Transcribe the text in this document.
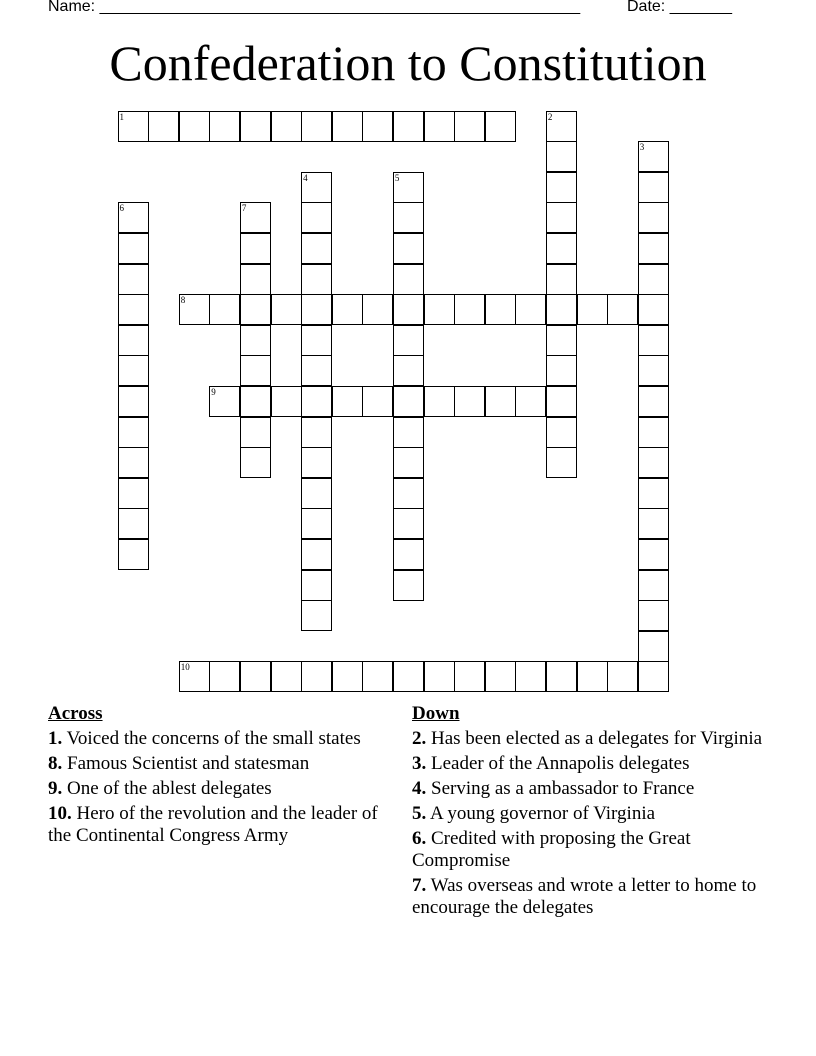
Name: ______________________________________________________	Date: _______
Confederation to Constitution
1	2
3
4	5
6	7
8
9
10
Across
1. Voiced the concerns of the small states
8. Famous Scientist and statesman
9. One of the ablest delegates
10. Hero of the revolution and the leader of the Continental Congress Army
Down
2. Has been elected as a delegates for Virginia
3. Leader of the Annapolis delegates
4. Serving as a ambassador to France
5. A young governor of Virginia
6. Credited with proposing the Great Compromise
7. Was overseas and wrote a letter to home to encourage the delegates
